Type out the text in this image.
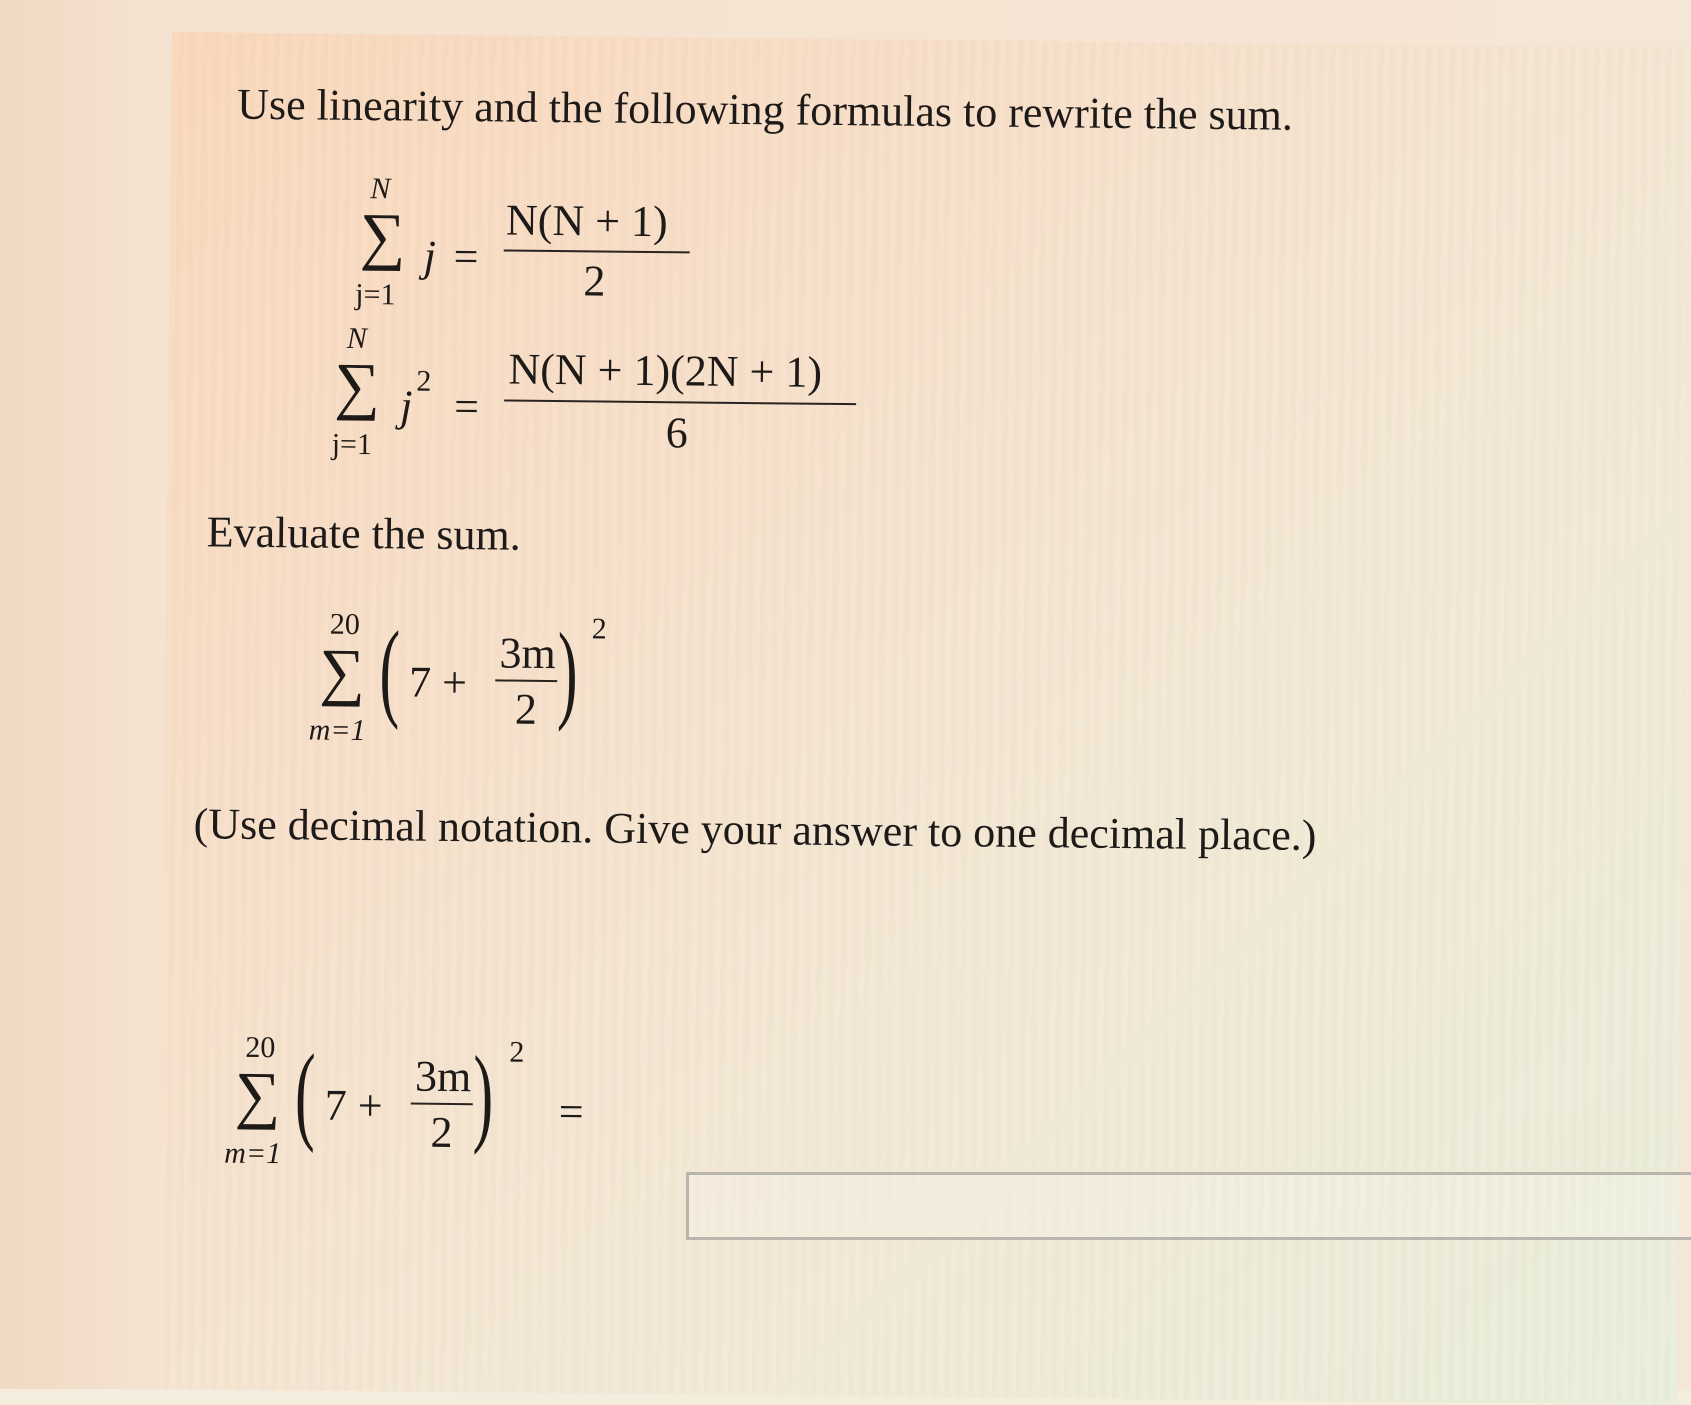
Use linearity and the following formulas to rewrite the sum.
N
∑
j=1
j =
N(N + 1)
2
N
∑
j=1
j
2
=
N(N + 1)(2N + 1)
6
Evaluate the sum.
20
∑
m=1 ( 7 +
3m
2 ) 2
(Use decimal notation. Give your answer to one decimal place.)
20
∑
m=1 ( 7 +
3m
2 ) 2
=
